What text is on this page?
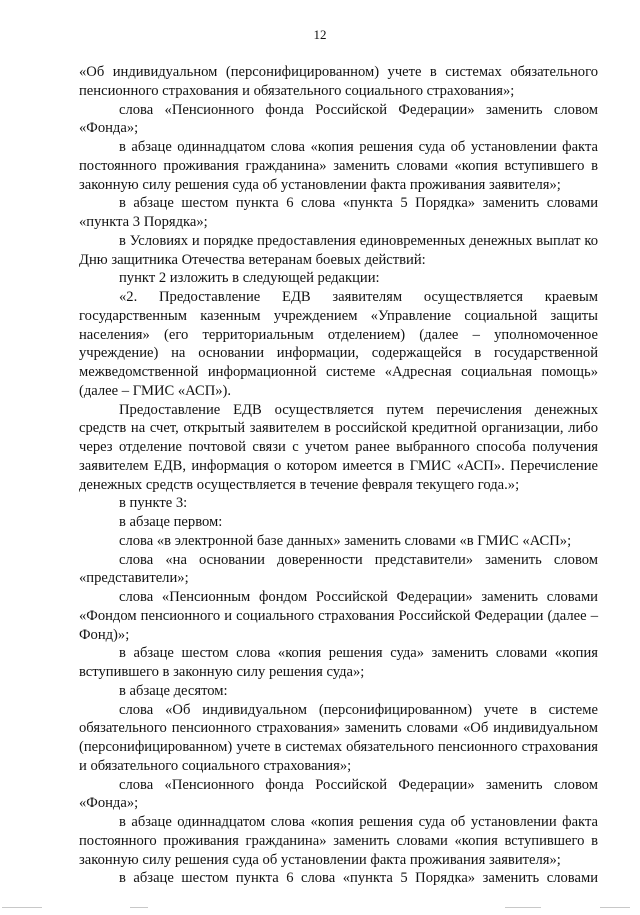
12

«Об индивидуальном (персонифицированном) учете в системах обязательного пенсионного страхования и обязательного социального страхования»;

слова «Пенсионного фонда Российской Федерации» заменить словом «Фонда»;

в абзаце одиннадцатом слова «копия решения суда об установлении факта постоянного проживания гражданина» заменить словами «копия вступившего в законную силу решения суда об установлении факта проживания заявителя»;

в абзаце шестом пункта 6 слова «пункта 5 Порядка» заменить словами «пункта 3 Порядка»;

в Условиях и порядке предоставления единовременных денежных выплат ко Дню защитника Отечества ветеранам боевых действий:

пункт 2 изложить в следующей редакции:

«2. Предоставление ЕДВ заявителям осуществляется краевым государственным казенным учреждением «Управление социальной защиты населения» (его территориальным отделением) (далее – уполномоченное учреждение) на основании информации, содержащейся в государственной межведомственной информационной системе «Адресная социальная помощь» (далее – ГМИС «АСП»).

Предоставление ЕДВ осуществляется путем перечисления денежных средств на счет, открытый заявителем в российской кредитной организации, либо через отделение почтовой связи с учетом ранее выбранного способа получения заявителем ЕДВ, информация о котором имеется в ГМИС «АСП». Перечисление денежных средств осуществляется в течение февраля текущего года.»;

в пункте 3:

в абзаце первом:

слова «в электронной базе данных» заменить словами «в ГМИС «АСП»;

слова «на основании доверенности представители» заменить словом «представители»;

слова «Пенсионным фондом Российской Федерации» заменить словами «Фондом пенсионного и социального страхования Российской Федерации (далее – Фонд)»;

в абзаце шестом слова «копия решения суда» заменить словами «копия вступившего в законную силу решения суда»;

в абзаце десятом:

слова «Об индивидуальном (персонифицированном) учете в системе обязательного пенсионного страхования» заменить словами «Об индивидуальном (персонифицированном) учете в системах обязательного пенсионного страхования и обязательного социального страхования»;

слова «Пенсионного фонда Российской Федерации» заменить словом «Фонда»;

в абзаце одиннадцатом слова «копия решения суда об установлении факта постоянного проживания гражданина» заменить словами «копия вступившего в законную силу решения суда об установлении факта проживания заявителя»;

в абзаце шестом пункта 6 слова «пункта 5 Порядка» заменить словами
